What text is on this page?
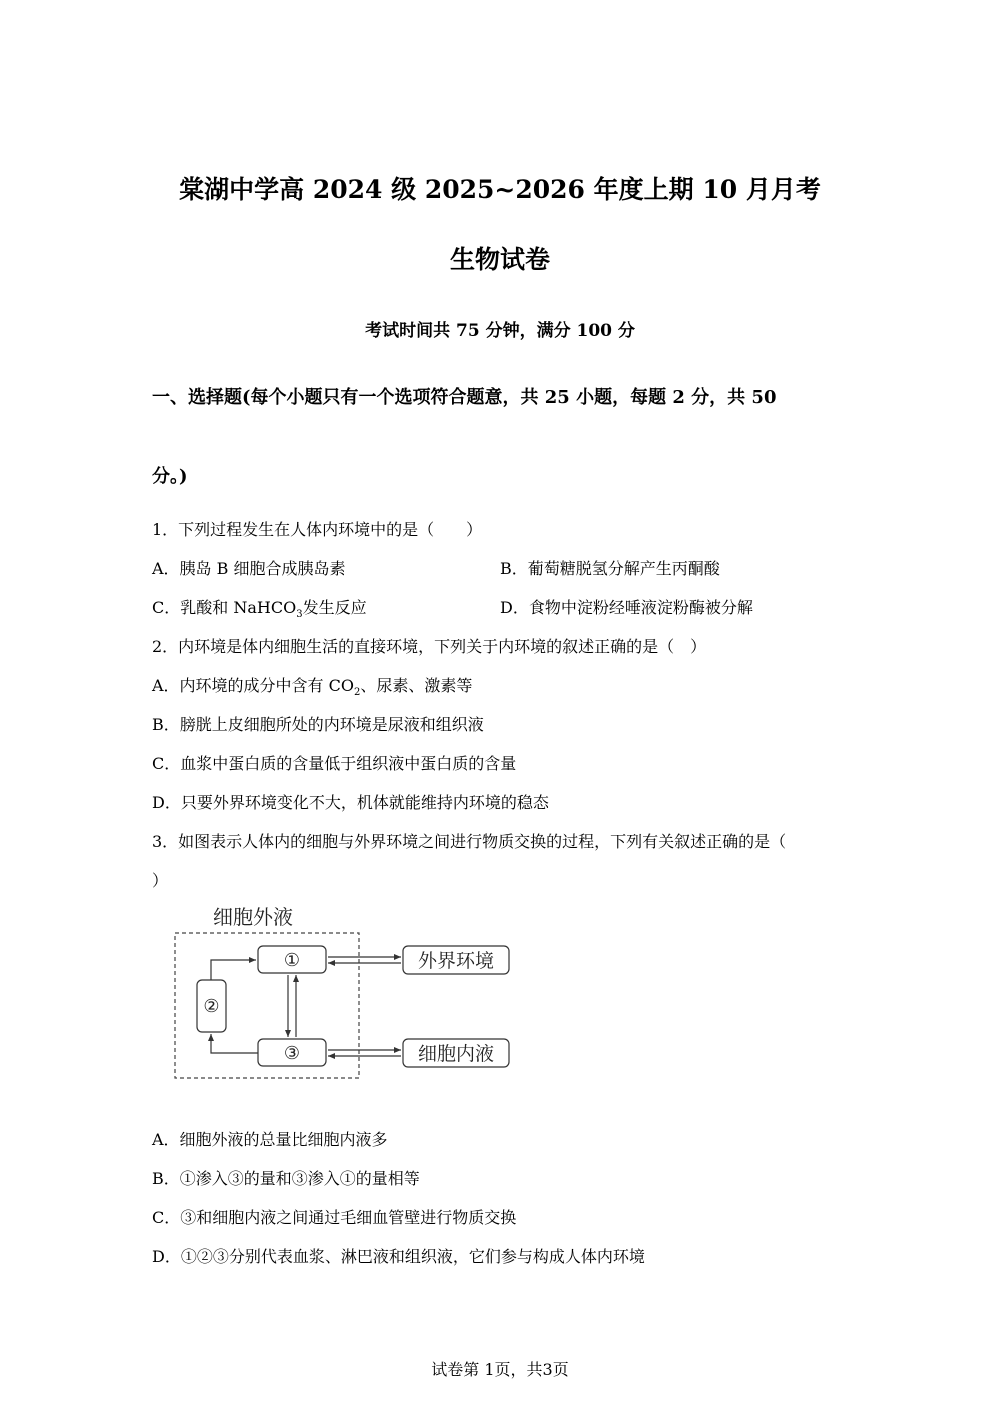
棠湖中学高 2024 级 2025~2026 年度上期 10 月月考
生物试卷
考试时间共 75 分钟，满分 100 分
一、选择题(每个小题只有一个选项符合题意，共 25 小题，每题 2 分，共 50
分。)
1．下列过程发生在人体内环境中的是（　　）
A．胰岛 B 细胞合成胰岛素	B．葡萄糖脱氢分解产生丙酮酸
C．乳酸和 NaHCO$_3$发生反应	D．食物中淀粉经唾液淀粉酶被分解
2．内环境是体内细胞生活的直接环境，下列关于内环境的叙述正确的是（　）
A．内环境的成分中含有 $CO_2$、尿素、激素等
B．膀胱上皮细胞所处的内环境是尿液和组织液
C．血浆中蛋白质的含量低于组织液中蛋白质的含量
D．只要外界环境变化不大，机体就能维持内环境的稳态
3．如图表示人体内的细胞与外界环境之间进行物质交换的过程，下列有关叙述正确的是（
）
细胞外液
①
②
③
外界环境
细胞内液
A．细胞外液的总量比细胞内液多
B．①渗入③的量和③渗入①的量相等
C．③和细胞内液之间通过毛细血管壁进行物质交换
D．①②③分别代表血浆、淋巴液和组织液，它们参与构成人体内环境
试卷第 1页，共3页
